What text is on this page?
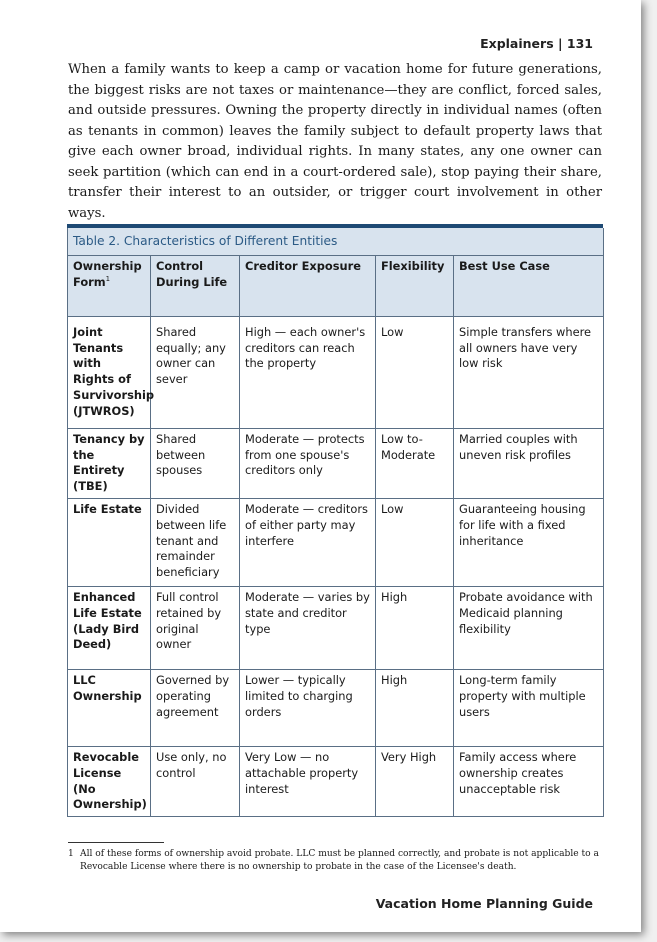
Explainers | 131

When a family wants to keep a camp or vacation home for future generations, the biggest risks are not taxes or maintenance—they are conflict, forced sales, and outside pressures. Owning the property directly in individual names (often as tenants in common) leaves the family subject to default property laws that give each owner broad, individual rights. In many states, any one owner can seek partition (which can end in a court-ordered sale), stop paying their share, transfer their interest to an outsider, or trigger court involvement in other ways.

Table 2. Characteristics of Different Entities				
Ownership Form$^1$	Control During Life	Creditor Exposure	Flexibility	Best Use Case
Joint Tenants with Rights of Survivorship (JTWROS)	Shared equally; any owner can sever	High — each owner's creditors can reach the property	Low	Simple transfers where all owners have very low risk
Tenancy by the Entirety (TBE)	Shared between spouses	Moderate — protects from one spouse's creditors only	Low to-Moderate	Married couples with uneven risk profiles
Life Estate	Divided between life tenant and remainder beneficiary	Moderate — creditors of either party may interfere	Low	Guaranteeing housing for life with a fixed inheritance
Enhanced Life Estate (Lady Bird Deed)	Full control retained by original owner	Moderate — varies by state and creditor type	High	Probate avoidance with Medicaid planning flexibility
LLC Ownership	Governed by operating agreement	Lower — typically limited to charging orders	High	Long-term family property with multiple users
Revocable License (No Ownership)	Use only, no control	Very Low — no attachable property interest	Very High	Family access where ownership creates unacceptable risk
1 All of these forms of ownership avoid probate. LLC must be planned correctly, and probate is not applicable to a Revocable License where there is no ownership to probate in the case of the Licensee's death.
Vacation Home Planning Guide
